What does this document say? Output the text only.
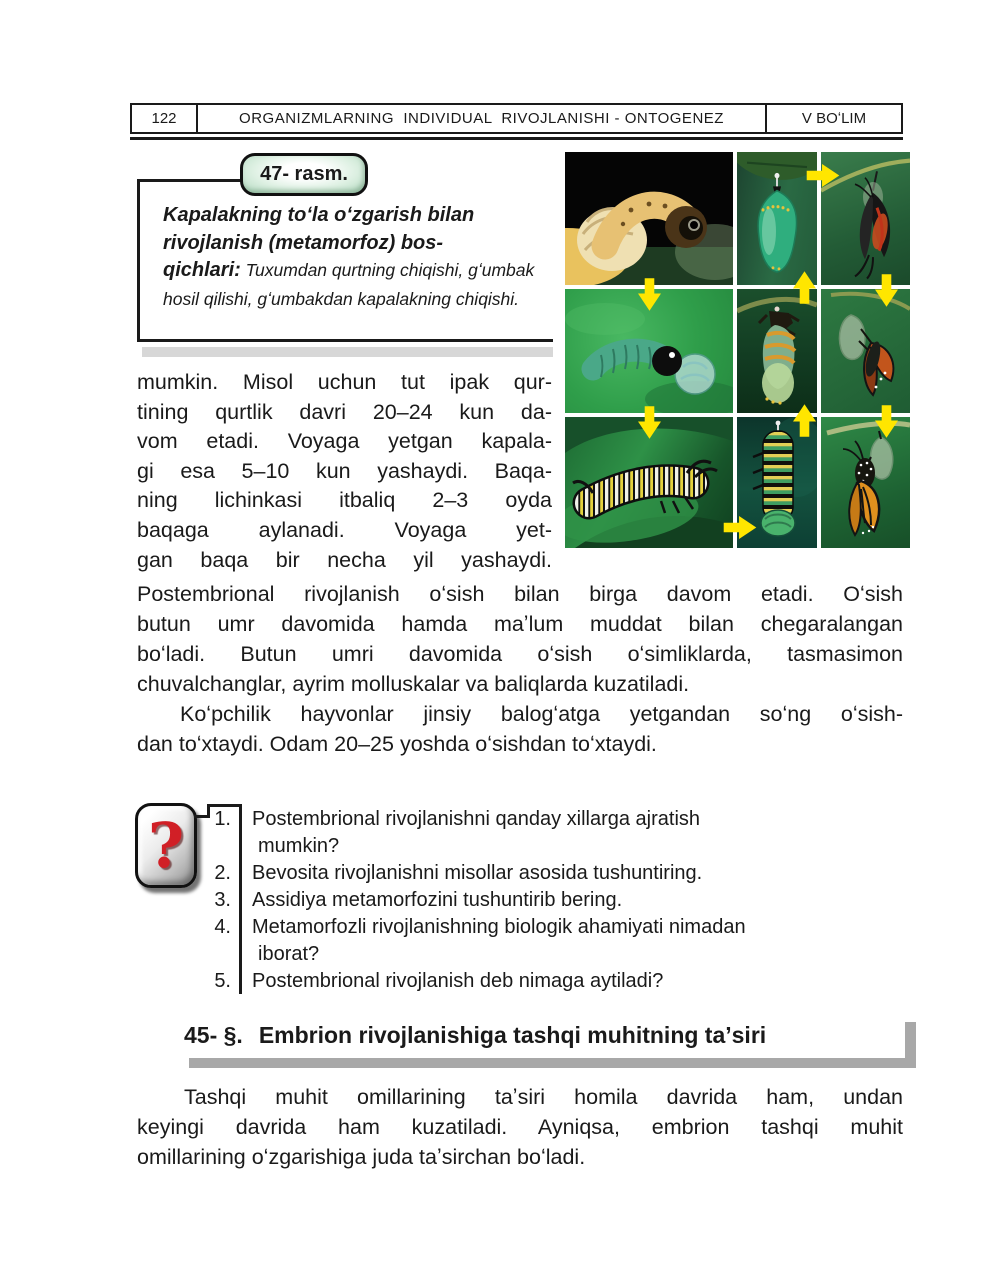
122	ORGANIZMLARNING  INDIVIDUAL  RIVOJLANISHI - ONTOGENEZ	V BOʻLIM
47- rasm.
Kapalakning toʻla oʻzgarish bilan
rivojlanish (metamorfoz) bos-
qichlari: Tuxumdan qurtning chiqishi, gʻumbak hosil qilishi, gʻumbakdan kapalakning chiqishi.
mumkin. Misol uchun tut ipak qur-
tining qurtlik davri 20–24 kun da-
vom etadi. Voyaga yetgan kapala-
gi esa 5–10 kun yashaydi. Baqa-
ning lichinkasi itbaliq 2–3 oyda
baqaga aylanadi. Voyaga yet-
gan baqa bir necha yil yashaydi.
Postembrional rivojlanish oʻsish bilan birga davom etadi. Oʻsish
butun umr davomida hamda maʼlum muddat bilan chegaralangan
boʻladi. Butun umri davomida oʻsish oʻsimliklarda, tasmasimon
chuvalchanglar, ayrim molluskalar va baliqlarda kuzatiladi.
Koʻpchilik hayvonlar jinsiy balogʻatga yetgandan soʻng oʻsish-
dan toʻxtaydi. Odam 20–25 yoshda oʻsishdan toʻxtaydi.
?	1. Postembrional rivojlanishni qanday xillarga ajratish
mumkin?
2. Bevosita rivojlanishni misollar asosida tushuntiring.
3. Assidiya metamorfozini tushuntirib bering.
4. Metamorfozli rivojlanishning biologik ahamiyati nimadan
iborat?
5. Postembrional rivojlanish deb nimaga aytiladi?
45- §. Embrion rivojlanishiga tashqi muhitning taʼsiri
Tashqi muhit omillarining taʼsiri homila davrida ham, undan
keyingi davrida ham kuzatiladi. Ayniqsa, embrion tashqi muhit
omillarining oʻzgarishiga juda taʼsirchan boʻladi.
